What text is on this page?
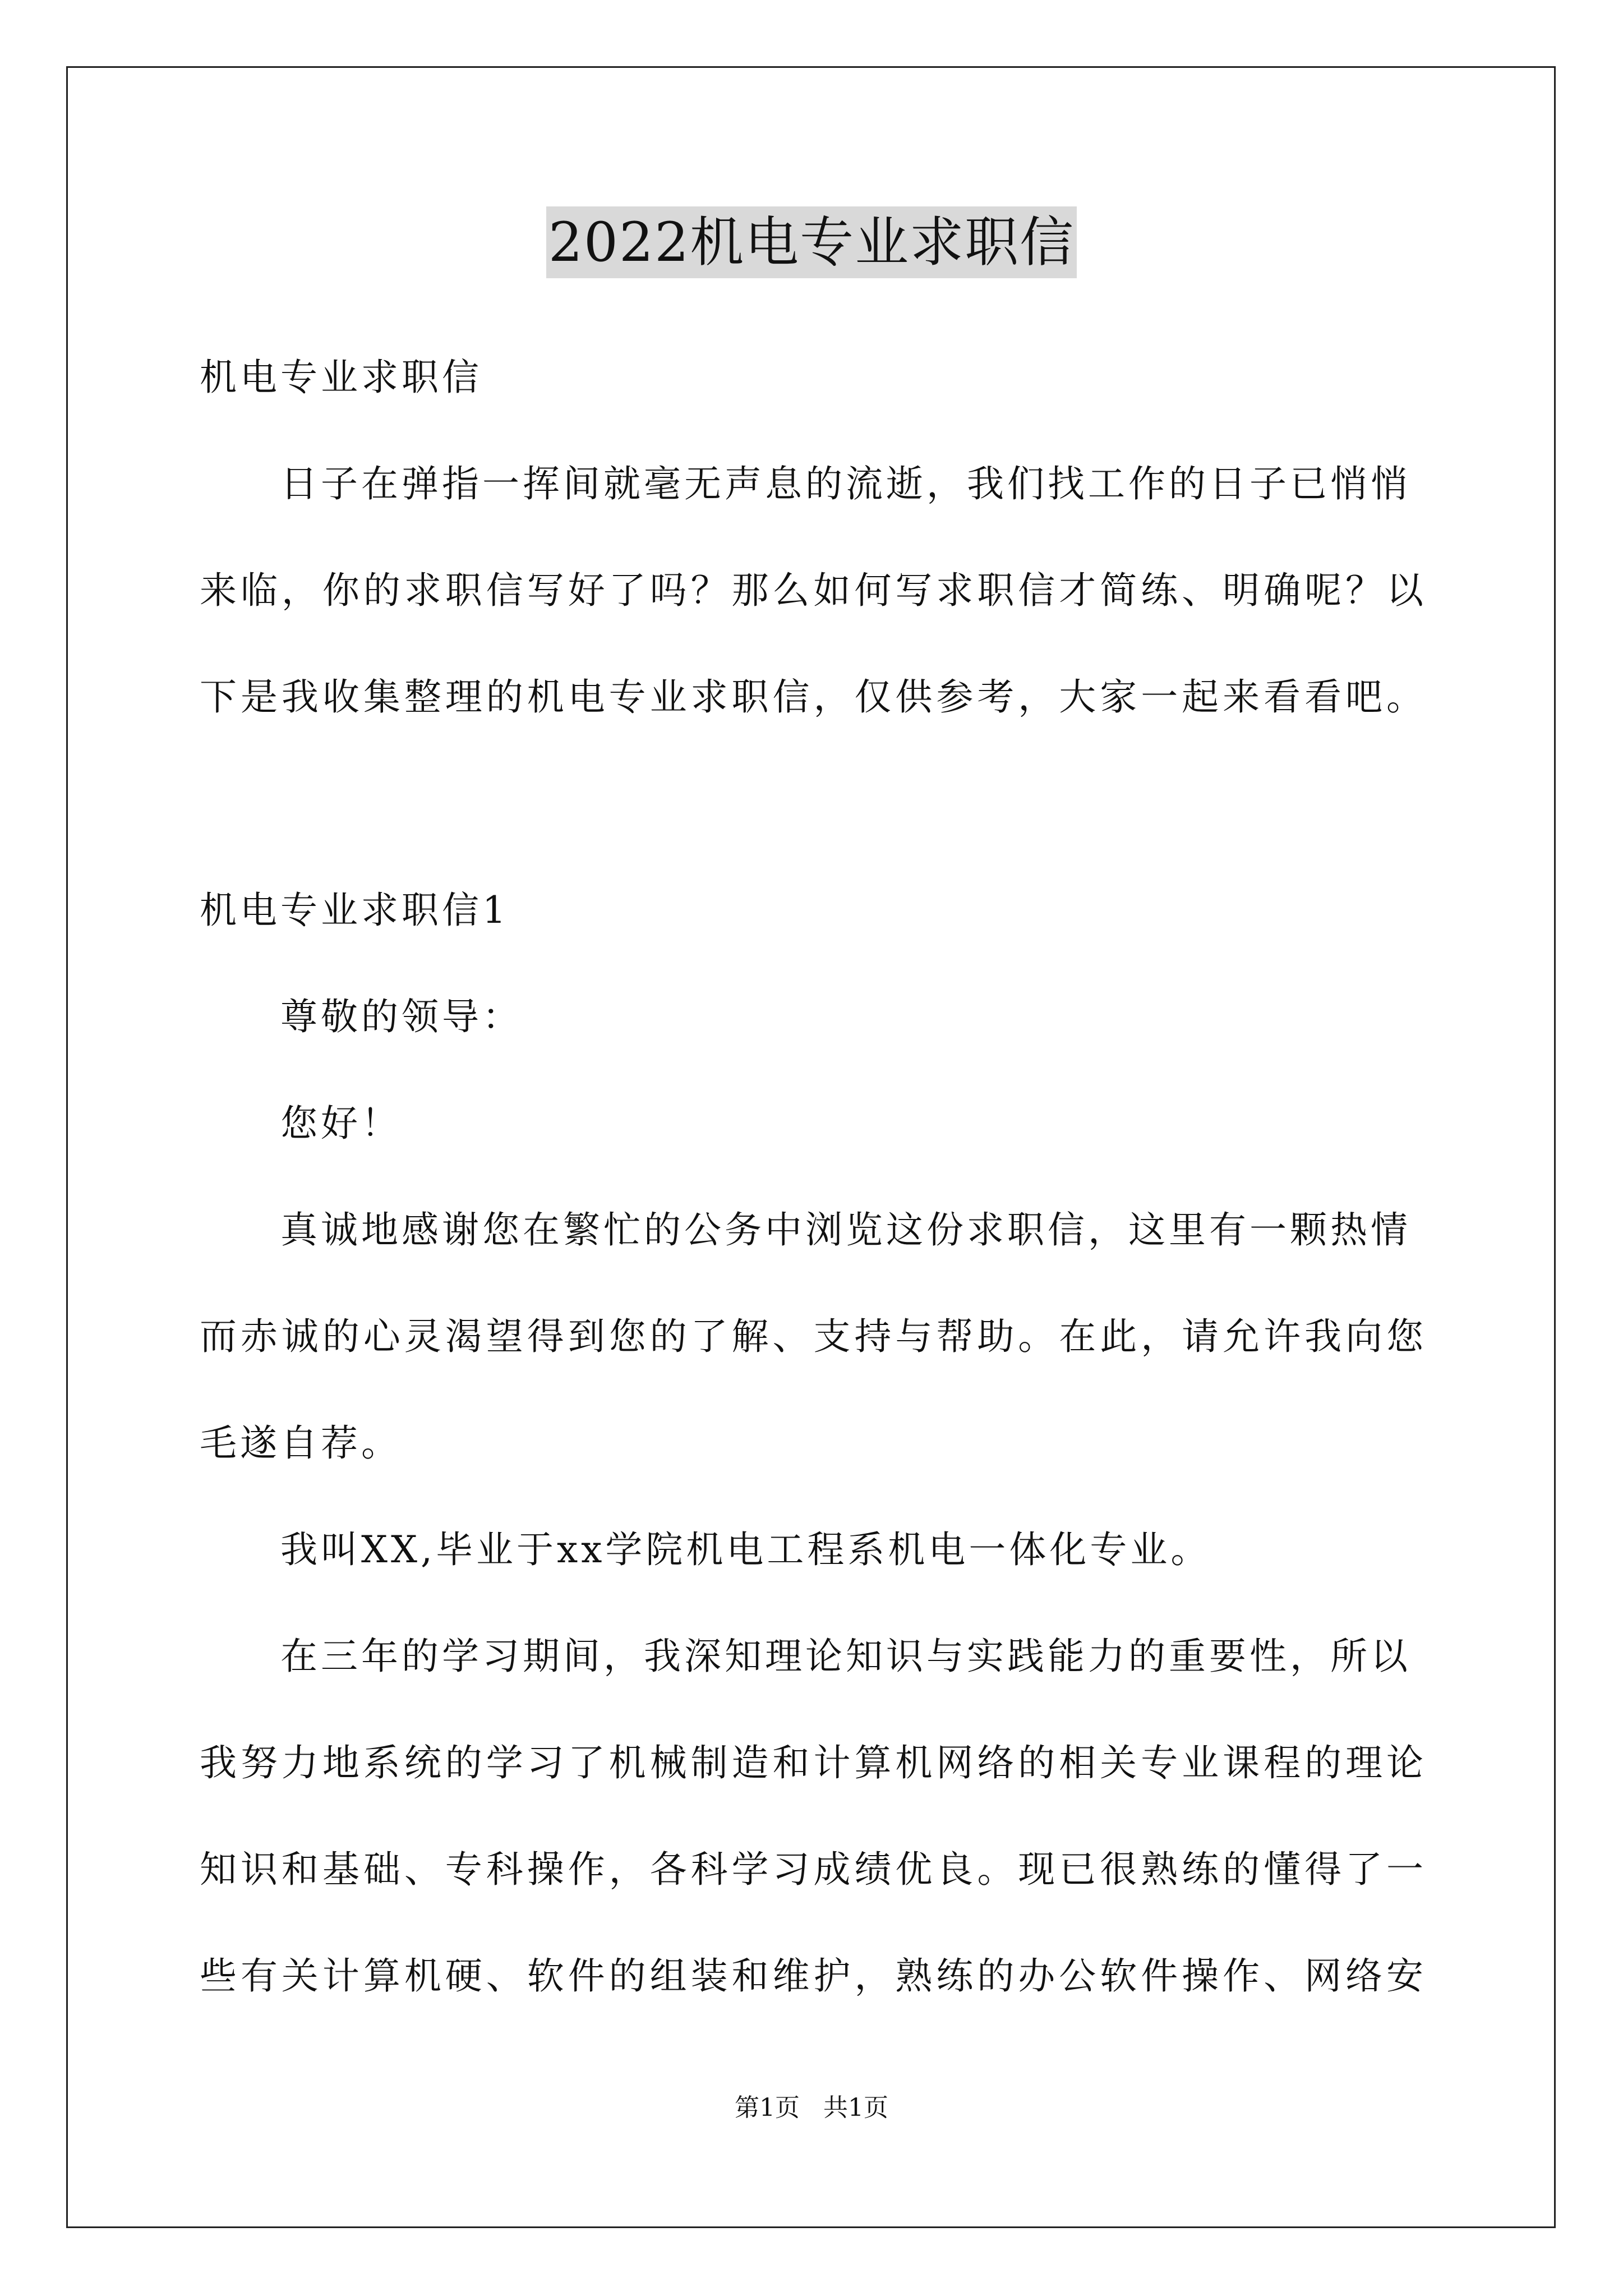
2022机电专业求职信
机电专业求职信
日子在弹指一挥间就毫无声息的流逝，我们找工作的日子已悄悄
来临，你的求职信写好了吗？那么如何写求职信才简练、明确呢？以
下是我收集整理的机电专业求职信，仅供参考，大家一起来看看吧。
机电专业求职信1
尊敬的领导：
您好！
真诚地感谢您在繁忙的公务中浏览这份求职信，这里有一颗热情
而赤诚的心灵渴望得到您的了解、支持与帮助。在此，请允许我向您
毛遂自荐。
我叫XX,毕业于xx学院机电工程系机电一体化专业。
在三年的学习期间，我深知理论知识与实践能力的重要性，所以
我努力地系统的学习了机械制造和计算机网络的相关专业课程的理论
知识和基础、专科操作，各科学习成绩优良。现已很熟练的懂得了一
些有关计算机硬、软件的组装和维护，熟练的办公软件操作、网络安
第1页   共1页
